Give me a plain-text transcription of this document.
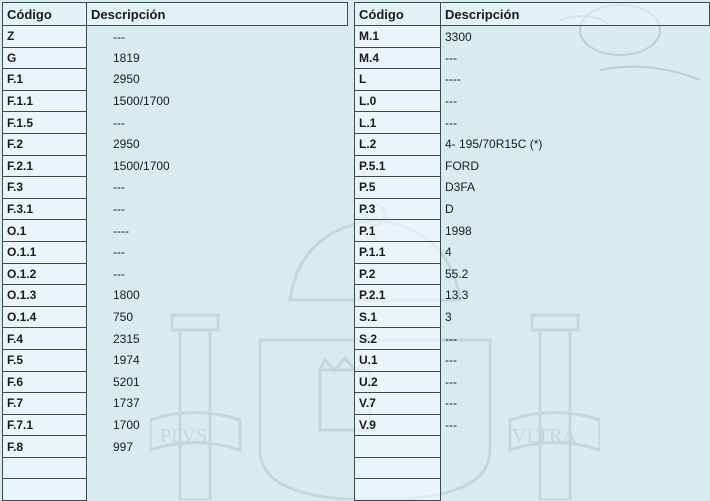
PLVS	VLTRA
Código	Descripción
Z	---
G	1819
F.1	2950
F.1.1	1500/1700
F.1.5	---
F.2	2950
F.2.1	1500/1700
F.3	---
F.3.1	---
O.1	----
O.1.1	---
O.1.2	---
O.1.3	1800
O.1.4	750
F.4	2315
F.5	1974
F.6	5201
F.7	1737
F.7.1	1700
F.8	997

Código	Descripción
M.1	3300
M.4	---
L	----
L.0	---
L.1	---
L.2	4- 195/70R15C (*)
P.5.1	FORD
P.5	D3FA
P.3	D
P.1	1998
P.1.1	4
P.2	55.2
P.2.1	13.3
S.1	3
S.2	---
U.1	---
U.2	---
V.7	---
V.9	---
